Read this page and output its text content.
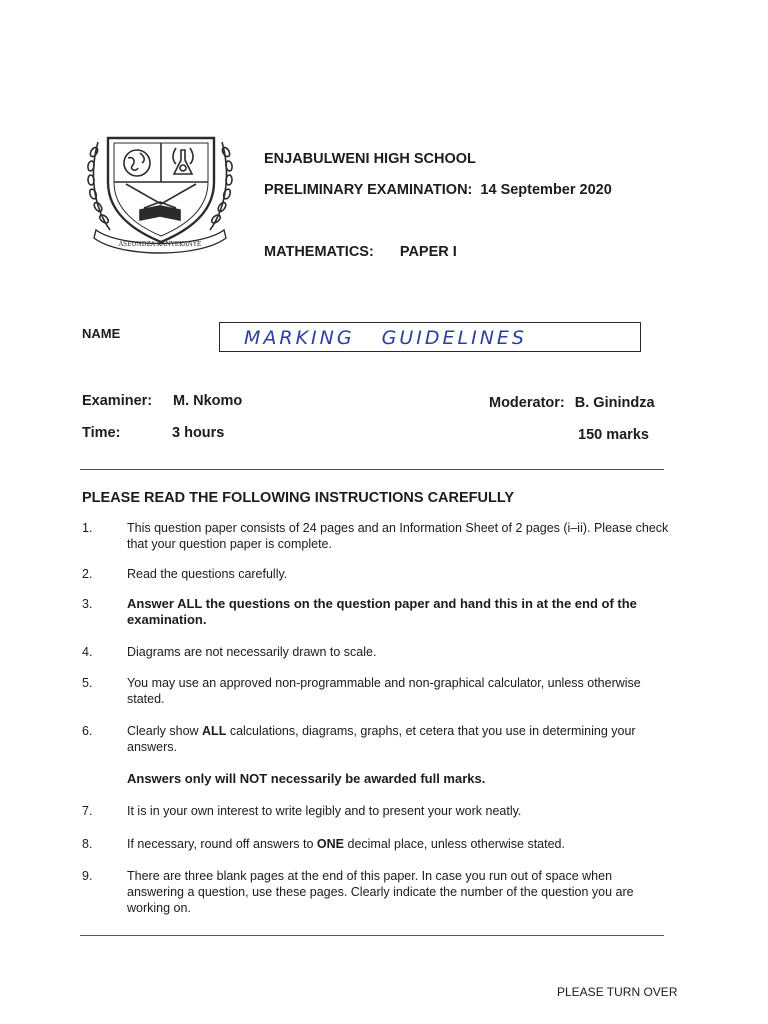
ASEONDZA KANYEKANYE
ENJABULWENI HIGH SCHOOL
PRELIMINARY EXAMINATION: 14 September 2020
MATHEMATICS: PAPER I
NAME	MARKING GUIDELINES
Examiner: M. Nkomo	Moderator: B. Ginindza
Time:	3 hours	150 marks
PLEASE READ THE FOLLOWING INSTRUCTIONS CAREFULLY
1.	This question paper consists of 24 pages and an Information Sheet of 2 pages (i–ii). Please check that your question paper is complete.
2.	Read the questions carefully.
3.	Answer ALL the questions on the question paper and hand this in at the end of the examination.
4.	Diagrams are not necessarily drawn to scale.
5.	You may use an approved non-programmable and non-graphical calculator, unless otherwise stated.
6.	Clearly show ALL calculations, diagrams, graphs, et cetera that you use in determining your answers.
Answers only will NOT necessarily be awarded full marks.
7.	It is in your own interest to write legibly and to present your work neatly.
8.	If necessary, round off answers to ONE decimal place, unless otherwise stated.
9.	There are three blank pages at the end of this paper. In case you run out of space when answering a question, use these pages. Clearly indicate the number of the question you are working on.
PLEASE TURN OVER
